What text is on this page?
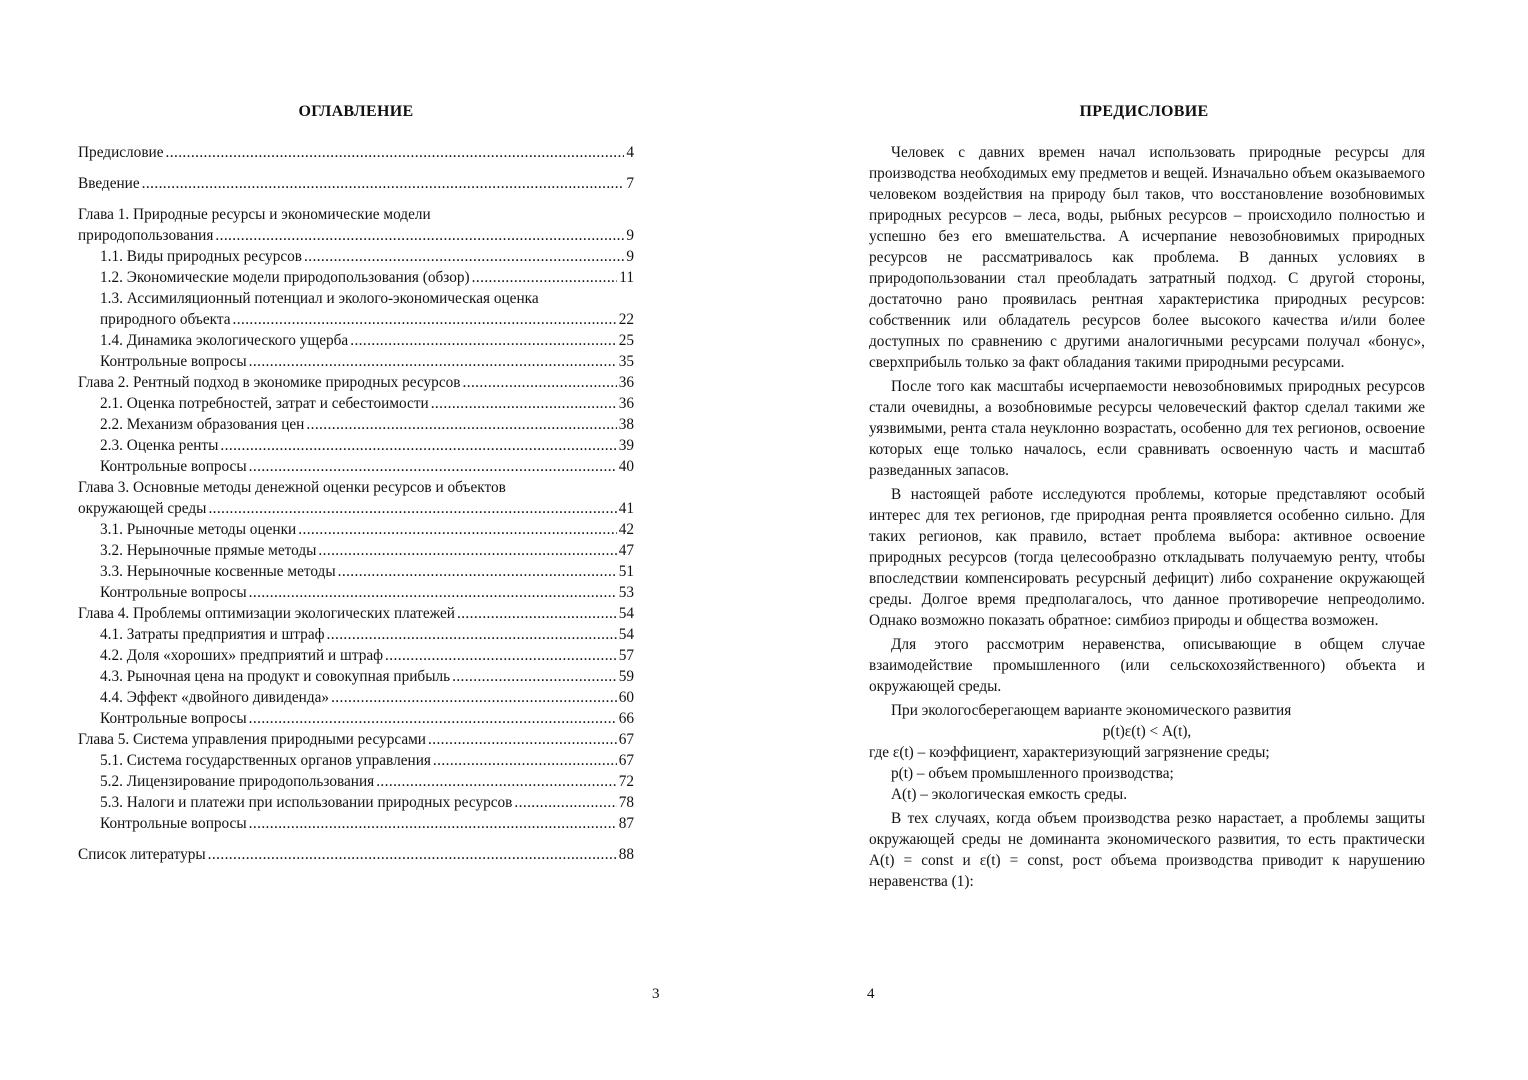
ОГЛАВЛЕНИЕ
Предисловие .....	4
Введение .....	7
Глава 1. Природные ресурсы и экономические модели
природопользования .....	9
1.1. Виды природных ресурсов .....	9
1.2. Экономические модели природопользования (обзор) .....	11
1.3. Ассимиляционный потенциал и эколого-экономическая оценка
природного объекта .....	22
1.4. Динамика экологического ущерба .....	25
Контрольные вопросы .....	35
Глава 2. Рентный подход в экономике природных ресурсов .....	36
2.1. Оценка потребностей, затрат и себестоимости .....	36
2.2. Механизм образования цен .....	38
2.3. Оценка ренты .....	39
Контрольные вопросы .....	40
Глава 3. Основные методы денежной оценки ресурсов и объектов
окружающей среды .....	41
3.1. Рыночные методы оценки .....	42
3.2. Нерыночные прямые методы .....	47
3.3. Нерыночные косвенные методы .....	51
Контрольные вопросы .....	53
Глава 4. Проблемы оптимизации экологических платежей .....	54
4.1. Затраты предприятия и штраф .....	54
4.2. Доля «хороших» предприятий и штраф .....	57
4.3. Рыночная цена на продукт и совокупная прибыль .....	59
4.4. Эффект «двойного дивиденда» .....	60
Контрольные вопросы .....	66
Глава 5. Система управления природными ресурсами .....	67
5.1. Система государственных органов управления .....	67
5.2. Лицензирование природопользования .....	72
5.3. Налоги и платежи при использовании природных ресурсов .....	78
Контрольные вопросы .....	87
Список литературы .....	88
3
ПРЕДИСЛОВИЕ

Человек с давних времен начал использовать природные ресурсы для производства необходимых ему предметов и вещей. Изначально объем оказываемого человеком воздействия на природу был таков, что восстановление возобновимых природных ресурсов – леса, воды, рыбных ресурсов – происходило полностью и успешно без его вмешательства. А исчерпание невозобновимых природных ресурсов не рассматривалось как проблема. В данных условиях в природопользовании стал преобладать затратный подход. С другой стороны, достаточно рано проявилась рентная характеристика природных ресурсов: собственник или обладатель ресурсов более высокого качества и/или более доступных по сравнению с другими аналогичными ресурсами получал «бонус», сверхприбыль только за факт обладания такими природными ресурсами.

После того как масштабы исчерпаемости невозобновимых природных ресурсов стали очевидны, а возобновимые ресурсы человеческий фактор сделал такими же уязвимыми, рента стала неуклонно возрастать, особенно для тех регионов, освоение которых еще только началось, если сравнивать освоенную часть и масштаб разведанных запасов.

В настоящей работе исследуются проблемы, которые представляют особый интерес для тех регионов, где природная рента проявляется особенно сильно. Для таких регионов, как правило, встает проблема выбора: активное освоение природных ресурсов (тогда целесообразно откладывать получаемую ренту, чтобы впоследствии компенсировать ресурсный дефицит) либо сохранение окружающей среды. Долгое время предполагалось, что данное противоречие непреодолимо. Однако возможно показать обратное: симбиоз природы и общества возможен.

Для этого рассмотрим неравенства, описывающие в общем случае взаимодействие промышленного (или сельскохозяйственного) объекта и окружающей среды.

При экологосберегающем варианте экономического развития

p(t)ε(t) < A(t),

где ε(t) – коэффициент, характеризующий загрязнение среды;

p(t) – объем промышленного производства;

A(t) – экологическая емкость среды.

В тех случаях, когда объем производства резко нарастает, а проблемы защиты окружающей среды не доминанта экономического развития, то есть практически A(t) = const и ε(t) = const, рост объема производства приводит к нарушению неравенства (1):

4
